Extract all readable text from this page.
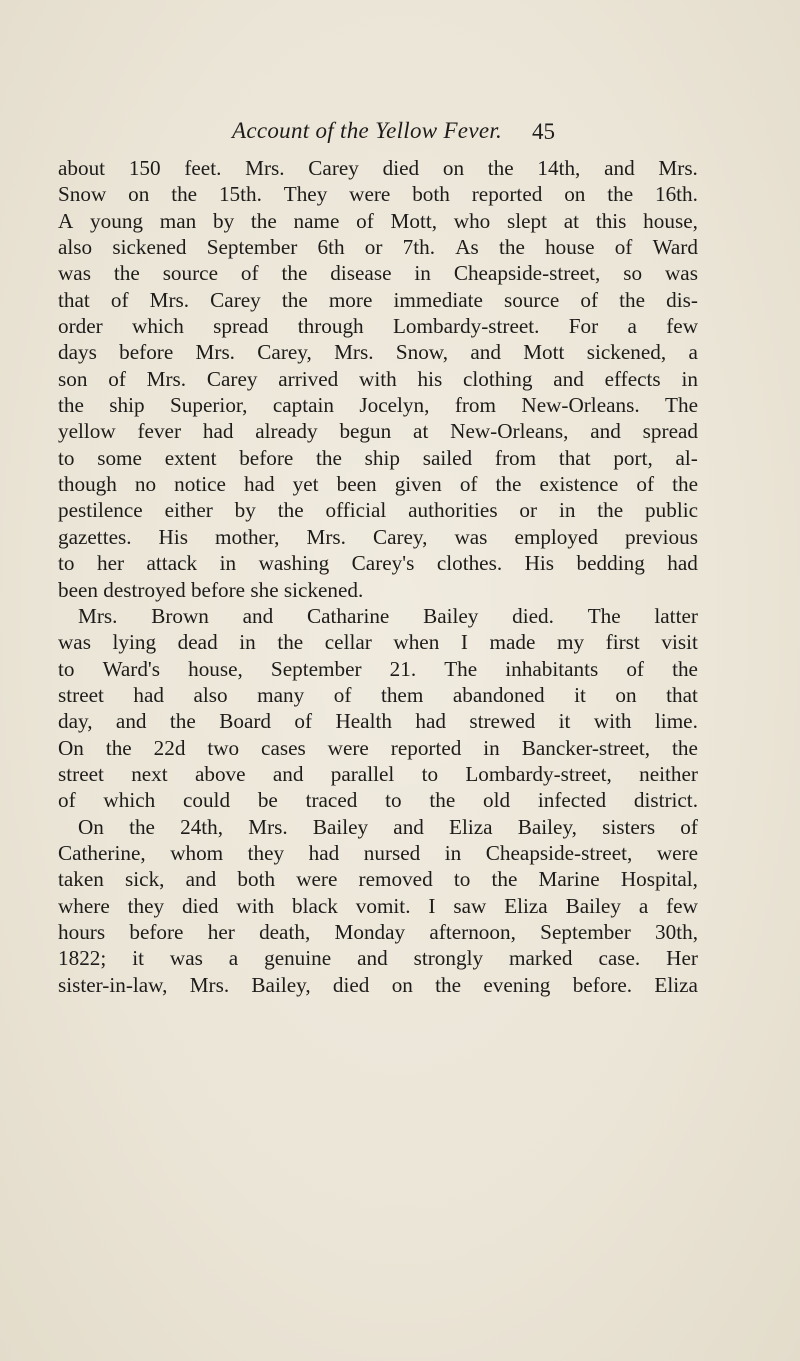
Account of the Yellow Fever. 45
about 150 feet. Mrs. Carey died on the 14th, and Mrs.
Snow on the 15th. They were both reported on the 16th.
A young man by the name of Mott, who slept at this house,
also sickened September 6th or 7th. As the house of Ward
was the source of the disease in Cheapside-street, so was
that of Mrs. Carey the more immediate source of the dis-
order which spread through Lombardy-street. For a few
days before Mrs. Carey, Mrs. Snow, and Mott sickened, a
son of Mrs. Carey arrived with his clothing and effects in
the ship Superior, captain Jocelyn, from New-Orleans. The
yellow fever had already begun at New-Orleans, and spread
to some extent before the ship sailed from that port, al-
though no notice had yet been given of the existence of the
pestilence either by the official authorities or in the public
gazettes. His mother, Mrs. Carey, was employed previous
to her attack in washing Carey's clothes. His bedding had
been destroyed before she sickened.
Mrs. Brown and Catharine Bailey died. The latter
was lying dead in the cellar when I made my first visit
to Ward's house, September 21. The inhabitants of the
street had also many of them abandoned it on that
day, and the Board of Health had strewed it with lime.
On the 22d two cases were reported in Bancker-street, the
street next above and parallel to Lombardy-street, neither
of which could be traced to the old infected district.
On the 24th, Mrs. Bailey and Eliza Bailey, sisters of
Catherine, whom they had nursed in Cheapside-street, were
taken sick, and both were removed to the Marine Hospital,
where they died with black vomit. I saw Eliza Bailey a few
hours before her death, Monday afternoon, September 30th,
1822; it was a genuine and strongly marked case. Her
sister-in-law, Mrs. Bailey, died on the evening before. Eliza
